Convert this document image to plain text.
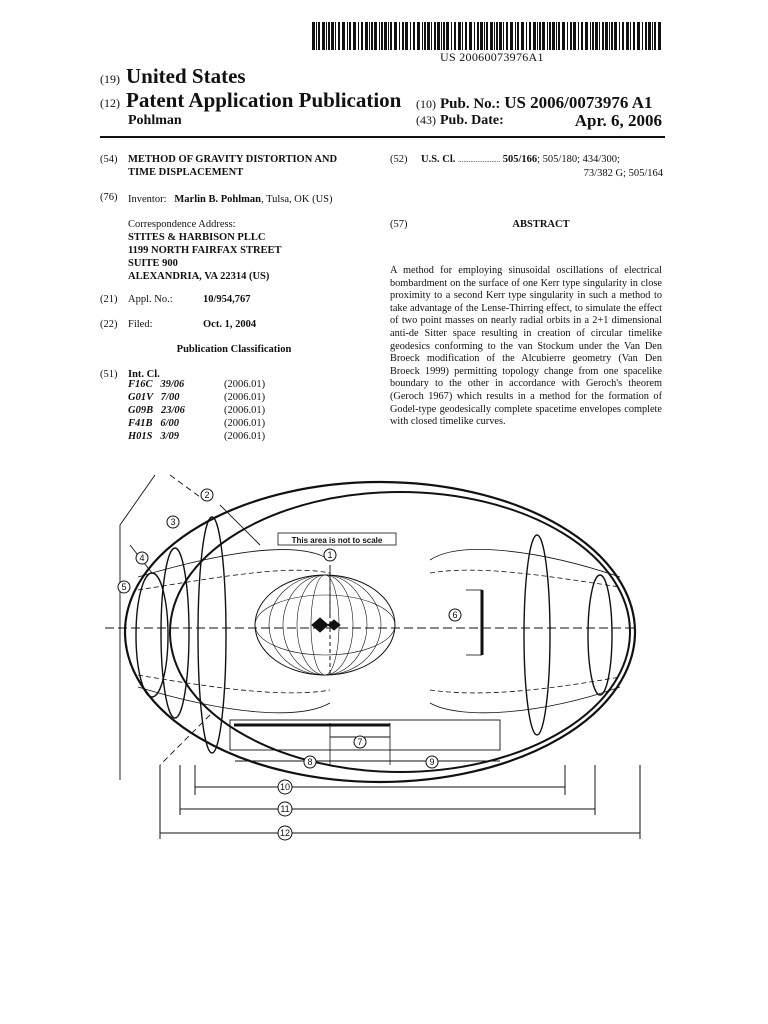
US 20060073976A1
(19) United States
(12) Patent Application Publication (10) Pub. No.: US 2006/0073976 A1
Pohlman	(43) Pub. Date:	Apr. 6, 2006
(54) METHOD OF GRAVITY DISTORTION AND
TIME DISPLACEMENT
(76) Inventor: Marlin B. Pohlman, Tulsa, OK (US)
Correspondence Address:
STITES & HARBISON PLLC
1199 NORTH FAIRFAX STREET
SUITE 900
ALEXANDRIA, VA 22314 (US)
(21) Appl. No.:	10/954,767
(22) Filed:	Oct. 1, 2004
Publication Classification
(51) Int. Cl.
F16C   39/06	(2006.01)
G01V   7/00	(2006.01)
G09B   23/06	(2006.01)
F41B   6/00	(2006.01)
H01S   3/09	(2006.01)
(52) U.S. Cl. ........................ 505/166; 505/180; 434/300;
73/382 G; 505/164
(57)	ABSTRACT
A method for employing sinusoidal oscillations of electrical bombardment on the surface of one Kerr type singularity in close proximity to a second Kerr type singularity in such a method to take advantage of the Lense-Thirring effect, to simulate the effect of two point masses on nearly radial orbits in a 2+1 dimensional anti-de Sitter space resulting in creation of circular timelike geodesics conforming to the van Stockum under the Van Den Broeck modification of the Alcubierre geometry (Van Den Broeck 1999) permitting topology change from one spacelike boundary to the other in accordance with Geroch's theorem (Geroch 1967) which results in a method for the formation of Godel-type geodesically complete spacetime envelopes complete with closed timelike curves.
This area is not to scale
1
2
3
4
5
6
7
8	9
10
11
12
